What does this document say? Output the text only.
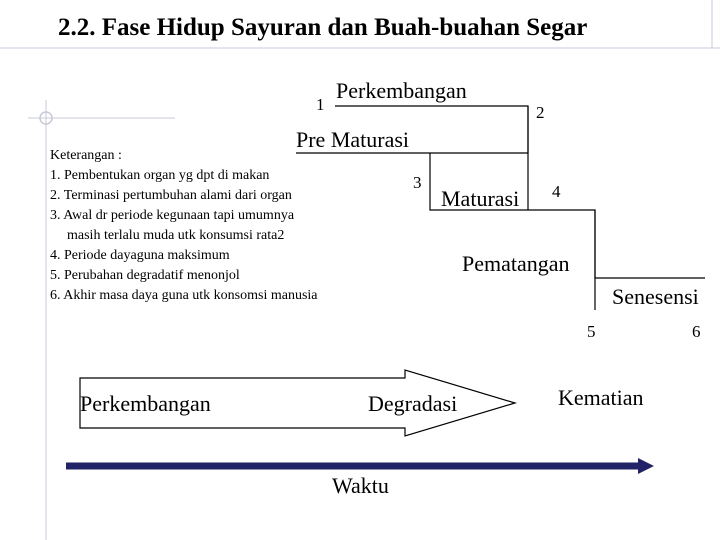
2.2. Fase Hidup Sayuran dan Buah-buahan Segar
1
Perkembangan
2
Pre Maturasi
3
Maturasi 4
Pematangan
Senesensi
5	6
Keterangan :
1. Pembentukan organ yg dpt di makan
2. Terminasi pertumbuhan alami dari organ
3. Awal dr periode kegunaan tapi umumnya
masih terlalu muda utk konsumsi rata2
4. Periode dayaguna maksimum
5. Perubahan degradatif menonjol
6. Akhir masa daya guna utk konsomsi manusia
Perkembangan	Degradasi	Kematian
Waktu
